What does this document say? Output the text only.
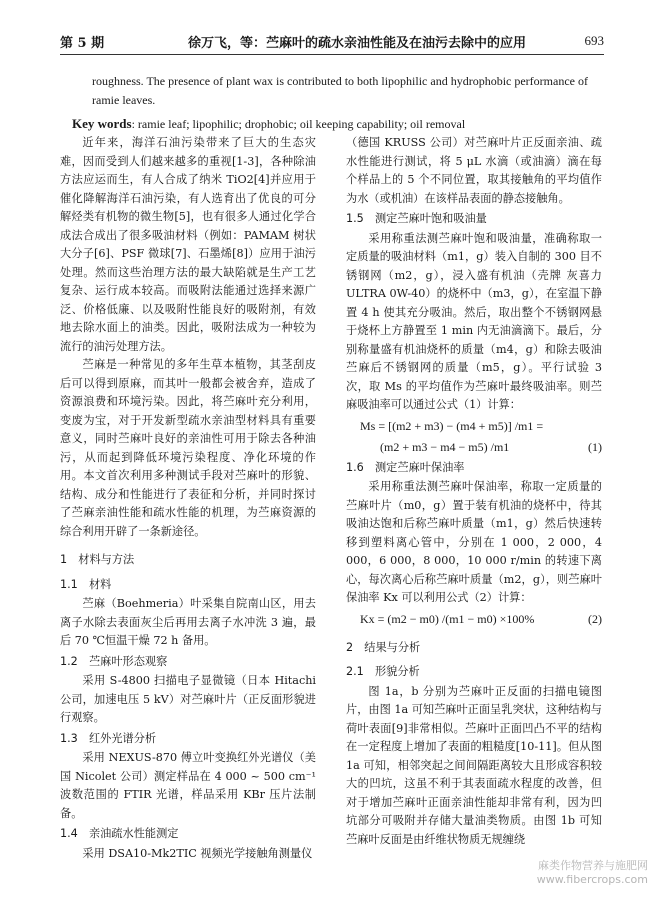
第 5 期	徐万飞，等：苎麻叶的疏水亲油性能及在油污去除中的应用	693

roughness. The presence of plant wax is contributed to both lipophilic and hydrophobic performance of

ramie leaves.

Key words: ramie leaf; lipophilic; drophobic; oil keeping capability; oil removal

近年来，海洋石油污染带来了巨大的生态灾难，因而受到人们越来越多的重视[1-3]，各种除油方法应运而生，有人合成了纳米 TiO2[4]并应用于催化降解海洋石油污染，有人选育出了优良的可分解烃类有机物的微生物[5]，也有很多人通过化学合成法合成出了很多吸油材料（例如：PAMAM 树状大分子[6]、PSF 微球[7]、石墨烯[8]）应用于油污处理。然而这些治理方法的最大缺陷就是生产工艺复杂、运行成本较高。而吸附法能通过选择来源广泛、价格低廉、以及吸附性能良好的吸附剂，有效地去除水面上的油类。因此，吸附法成为一种较为流行的油污处理方法。

苎麻是一种常见的多年生草本植物，其茎刮皮后可以得到原麻，而其叶一般都会被舍弃，造成了资源浪费和环境污染。因此，将苎麻叶充分利用，变废为宝，对于开发新型疏水亲油型材料具有重要意义，同时苎麻叶良好的亲油性可用于除去各种油污，从而起到降低环境污染程度、净化环境的作用。本文首次利用多种测试手段对苎麻叶的形貌、结构、成分和性能进行了表征和分析，并同时探讨了苎麻亲油性能和疏水性能的机理，为苎麻资源的综合利用开辟了一条新途径。

1　材料与方法
1.1　材料

苎麻（Boehmeria）叶采集自院南山区，用去离子水除去表面灰尘后再用去离子水冲洗 3 遍，最后 70 ℃恒温干燥 72 h 备用。

1.2　苎麻叶形态观察

采用 S-4800 扫描电子显微镜（日本 Hitachi 公司，加速电压 5 kV）对苎麻叶片（正反面形貌进行观察。

1.3　红外光谱分析

采用 NEXUS-870 傅立叶变换红外光谱仪（美国 Nicolet 公司）测定样品在 4 000 ~ 500 cm⁻¹ 波数范围的 FTIR 光谱，样品采用 KBr 压片法制备。

1.4　亲油疏水性能测定

采用 DSA10-Mk2TIC 视频光学接触角测量仪

（德国 KRUSS 公司）对苎麻叶片正反面亲油、疏水性能进行测试，将 5 μL 水滴（或油滴）滴在每个样品上的 5 个不同位置，取其接触角的平均值作为水（或机油）在该样品表面的静态接触角。

1.5　测定苎麻叶饱和吸油量

采用称重法测苎麻叶饱和吸油量，准确称取一定质量的吸油材料（m1，g）装入自制的 300 目不锈钢网（m2，g），浸入盛有机油（壳牌 灰喜力 ULTRA 0W-40）的烧杯中（m3，g），在室温下静置 4 h 使其充分吸油。然后，取出整个不锈钢网悬于烧杯上方静置至 1 min 内无油滴滴下。最后，分别称量盛有机油烧杯的质量（m4，g）和除去吸油苎麻后不锈钢网的质量（m5，g）。平行试验 3 次，取 Ms 的平均值作为苎麻叶最终吸油率。则苎麻吸油率可以通过公式（1）计算：

Ms = [(m2 + m3) − (m4 + m5)] /m1 =
(m2 + m3 − m4 − m5) /m1	(1)
1.6　测定苎麻叶保油率

采用称重法测苎麻叶保油率，称取一定质量的苎麻叶片（m0，g）置于装有机油的烧杯中，待其吸油达饱和后称苎麻叶质量（m1，g）然后快速转移到塑料离心管中，分别在 1 000，2 000，4 000，6 000，8 000，10 000 r/min 的转速下离心，每次离心后称苎麻叶质量（m2，g），则苎麻叶保油率 Kx 可以利用公式（2）计算：

Kx = (m2 − m0) /(m1 − m0) ×100%	(2)
2　结果与分析
2.1　形貌分析

图 1a，b 分别为苎麻叶正反面的扫描电镜图片，由图 1a 可知苎麻叶正面呈乳突状，这种结构与荷叶表面[9]非常相似。苎麻叶正面凹凸不平的结构在一定程度上增加了表面的粗糙度[10-11]。但从图 1a 可知，相邻突起之间间隔距离较大且形成容积较大的凹坑，这虽不利于其表面疏水程度的改善，但对于增加苎麻叶正面亲油性能却非常有利，因为凹坑部分可吸附并存储大量油类物质。由图 1b 可知苎麻叶反面是由纤维状物质无规缠绕

麻类作物营养与施肥网
www.fibercrops.com
